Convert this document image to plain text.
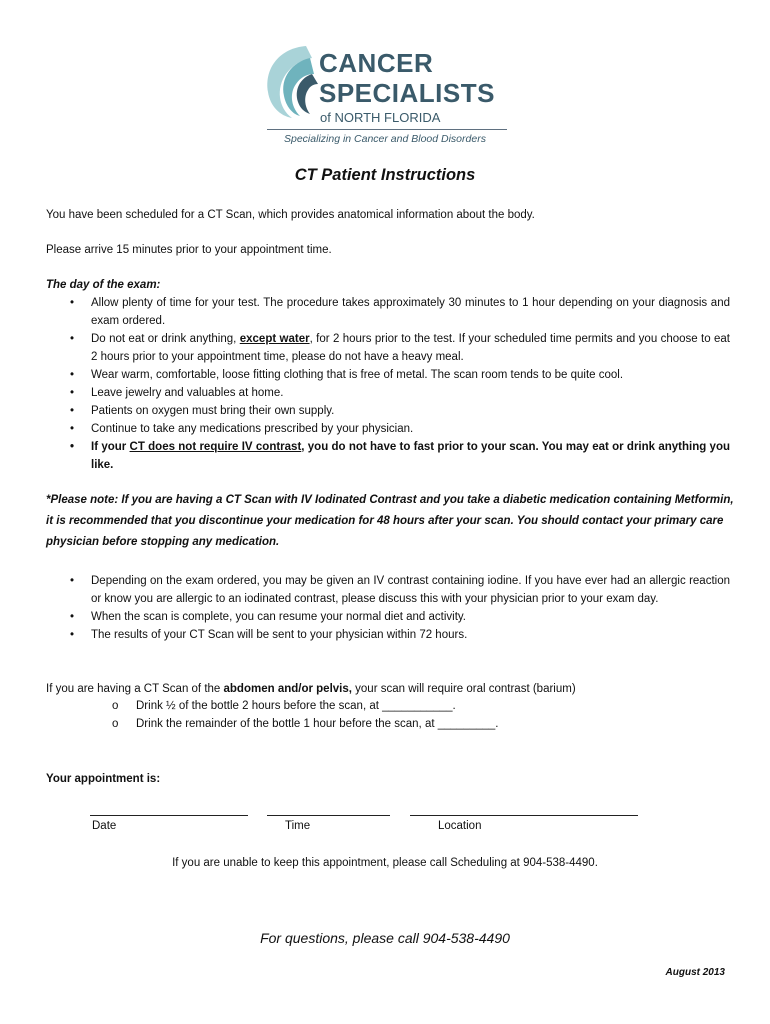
CANCER
SPECIALISTS
of NORTH FLORIDA
Specializing in Cancer and Blood Disorders
CT Patient Instructions
You have been scheduled for a CT Scan, which provides anatomical information about the body.
Please arrive 15 minutes prior to your appointment time.
The day of the exam:
• Allow plenty of time for your test. The procedure takes approximately 30 minutes to 1 hour depending on your diagnosis and exam ordered.
• Do not eat or drink anything, except water, for 2 hours prior to the test. If your scheduled time permits and you choose to eat 2 hours prior to your appointment time, please do not have a heavy meal.
• Wear warm, comfortable, loose fitting clothing that is free of metal. The scan room tends to be quite cool.
• Leave jewelry and valuables at home.
• Patients on oxygen must bring their own supply.
• Continue to take any medications prescribed by your physician.
• If your CT does not require IV contrast, you do not have to fast prior to your scan. You may eat or drink anything you like.
*Please note: If you are having a CT Scan with IV Iodinated Contrast and you take a diabetic medication containing Metformin, it is recommended that you discontinue your medication for 48 hours after your scan. You should contact your primary care physician before stopping any medication.
• Depending on the exam ordered, you may be given an IV contrast containing iodine. If you have ever had an allergic reaction or know you are allergic to an iodinated contrast, please discuss this with your physician prior to your exam day.
• When the scan is complete, you can resume your normal diet and activity.
• The results of your CT Scan will be sent to your physician within 72 hours.
If you are having a CT Scan of the abdomen and/or pelvis, your scan will require oral contrast (barium)
o Drink ½ of the bottle 2 hours before the scan, at ___________.
o Drink the remainder of the bottle 1 hour before the scan, at _________.
Your appointment is:
Date	Time	Location
If you are unable to keep this appointment, please call Scheduling at 904-538-4490.
For questions, please call 904-538-4490
August 2013
